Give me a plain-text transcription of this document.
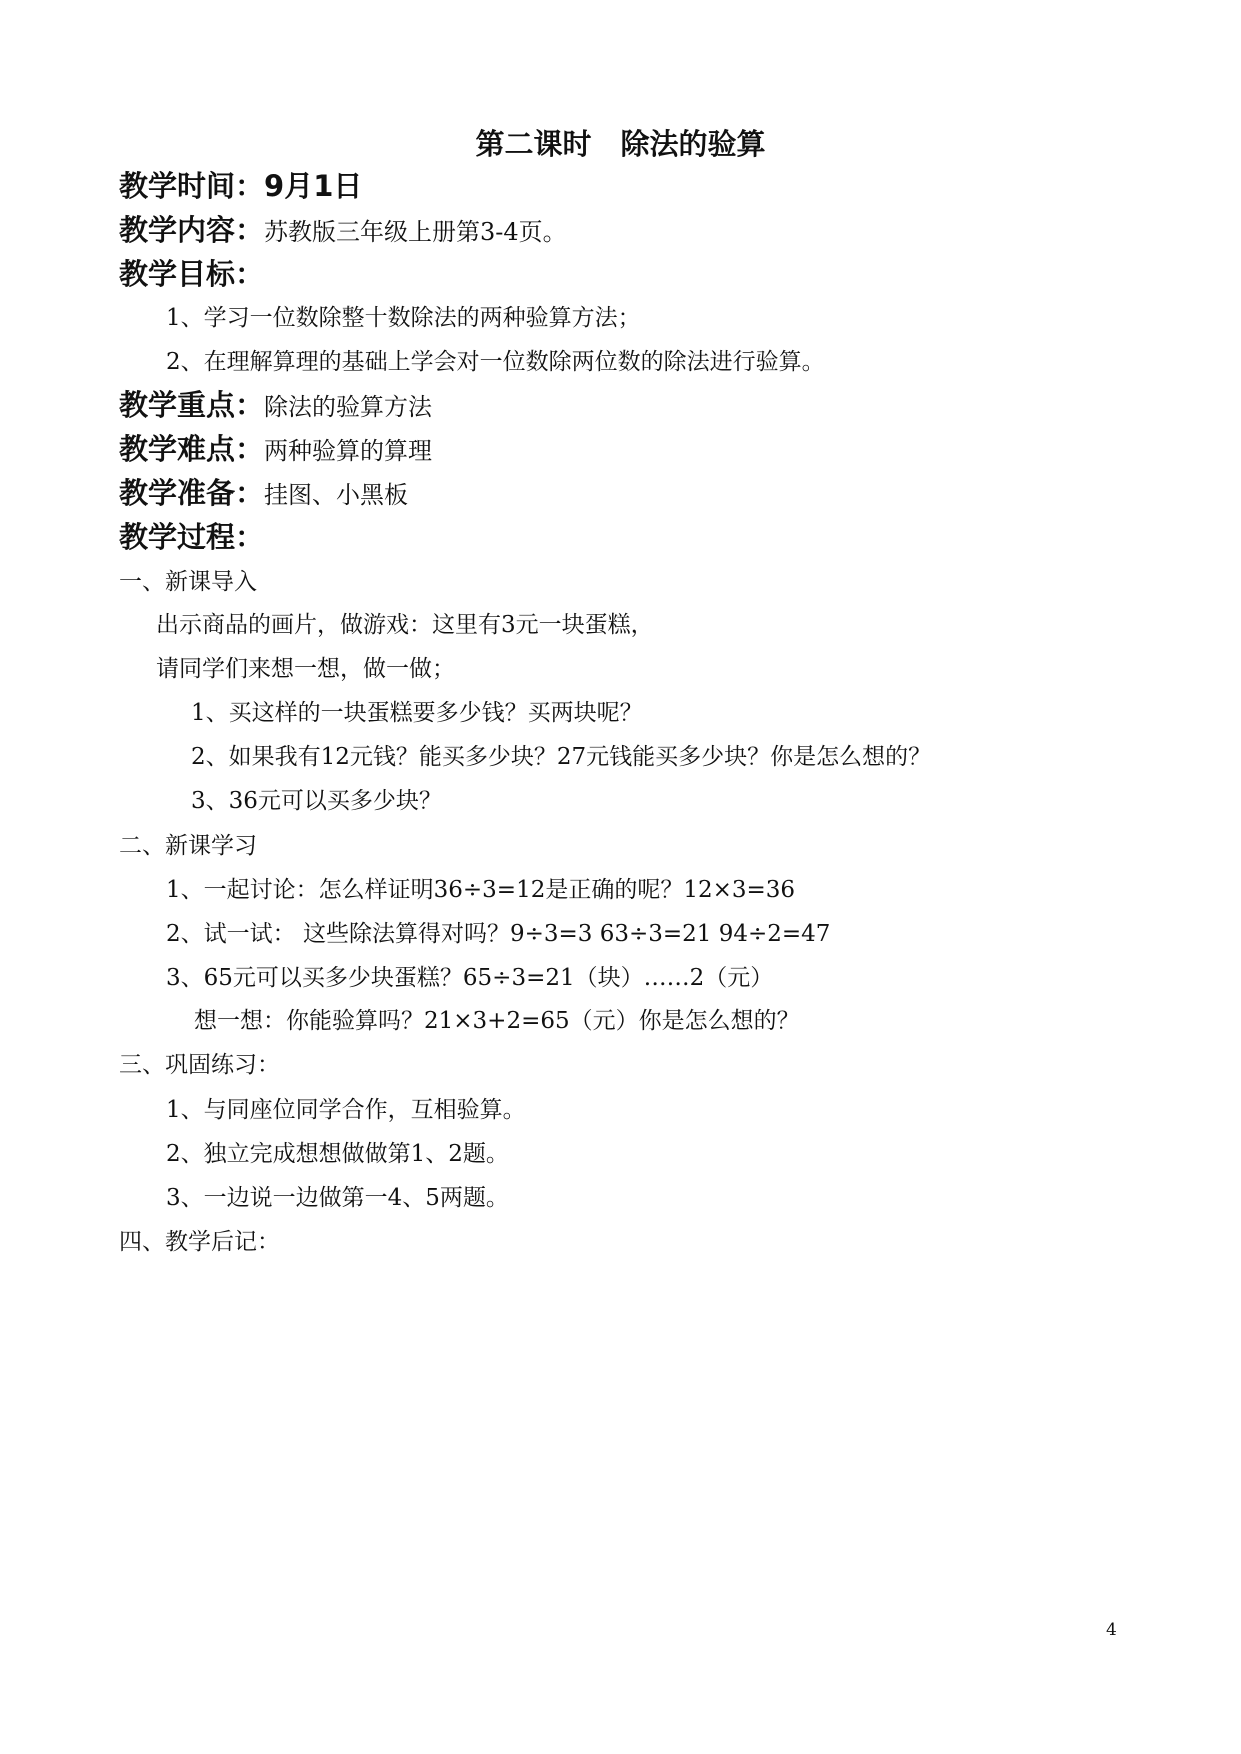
第二课时　除法的验算
教学时间：9月1日
教学内容：苏教版三年级上册第3-4页。
教学目标：
1、学习一位数除整十数除法的两种验算方法；
2、在理解算理的基础上学会对一位数除两位数的除法进行验算。
教学重点：除法的验算方法
教学难点：两种验算的算理
教学准备：挂图、小黑板
教学过程：
一、新课导入
出示商品的画片，做游戏：这里有3元一块蛋糕，
请同学们来想一想，做一做；
1、买这样的一块蛋糕要多少钱？买两块呢？
2、如果我有12元钱？能买多少块？27元钱能买多少块？你是怎么想的？
3、36元可以买多少块？
二、新课学习
1、一起讨论：怎么样证明36÷3=12是正确的呢？12×3=36
2、试一试： 这些除法算得对吗？9÷3=3 63÷3=21 94÷2=47
3、65元可以买多少块蛋糕？65÷3=21（块）……2（元）
想一想：你能验算吗？21×3+2=65（元）你是怎么想的？
三、巩固练习：
1、与同座位同学合作，互相验算。
2、独立完成想想做做第1、2题。
3、一边说一边做第一4、5两题。
四、教学后记：
4
